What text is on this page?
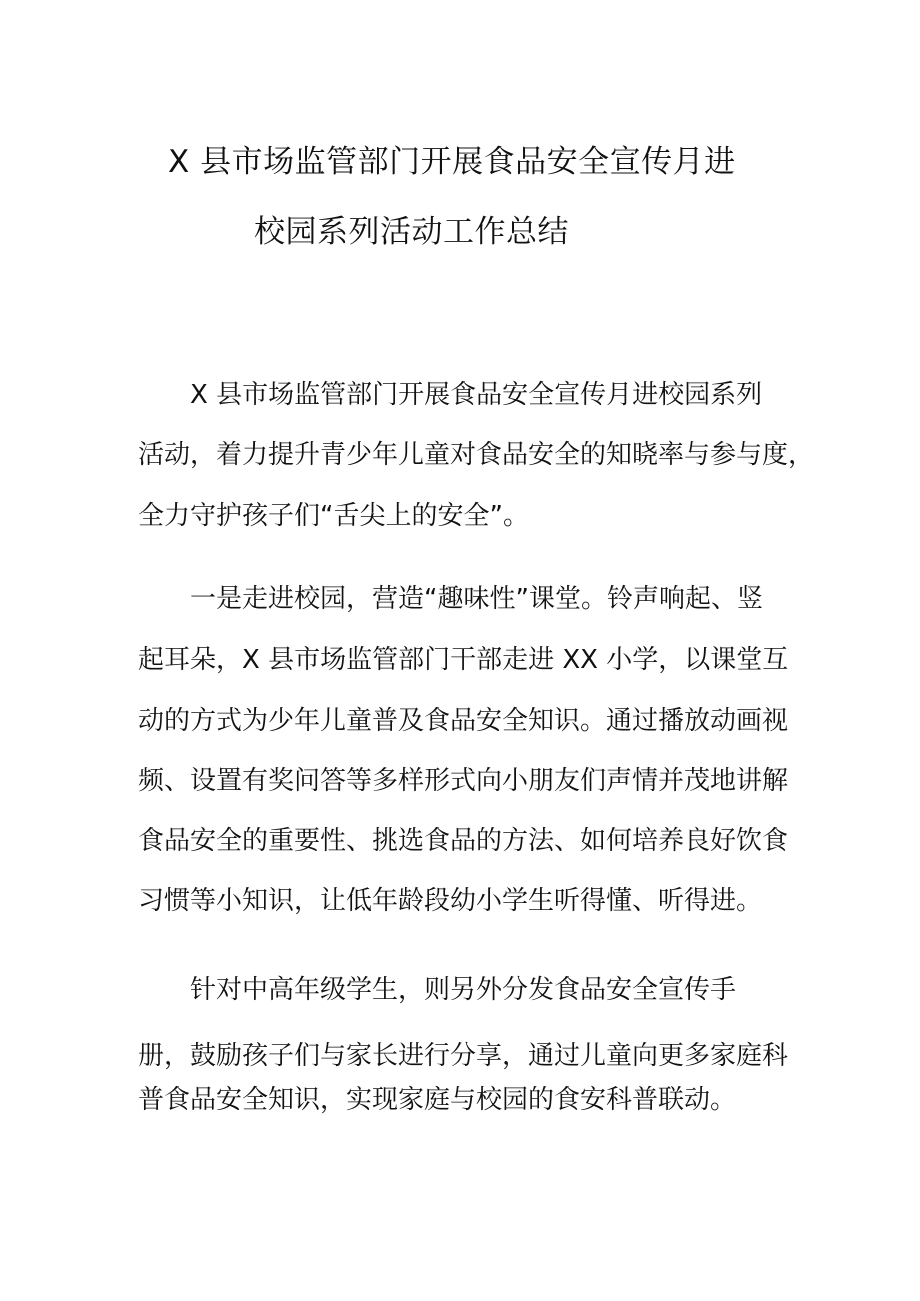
X 县市场监管部门开展食品安全宣传月进
校园系列活动工作总结
X 县市场监管部门开展食品安全宣传月进校园系列
活动，着力提升青少年儿童对食品安全的知晓率与参与度，
全力守护孩子们“舌尖上的安全”。
一是走进校园，营造“趣味性”课堂。铃声响起、竖
起耳朵，X 县市场监管部门干部走进 XX 小学，以课堂互
动的方式为少年儿童普及食品安全知识。通过播放动画视
频、设置有奖问答等多样形式向小朋友们声情并茂地讲解
食品安全的重要性、挑选食品的方法、如何培养良好饮食
习惯等小知识，让低年龄段幼小学生听得懂、听得进。
针对中高年级学生，则另外分发食品安全宣传手
册，鼓励孩子们与家长进行分享，通过儿童向更多家庭科
普食品安全知识，实现家庭与校园的食安科普联动。
